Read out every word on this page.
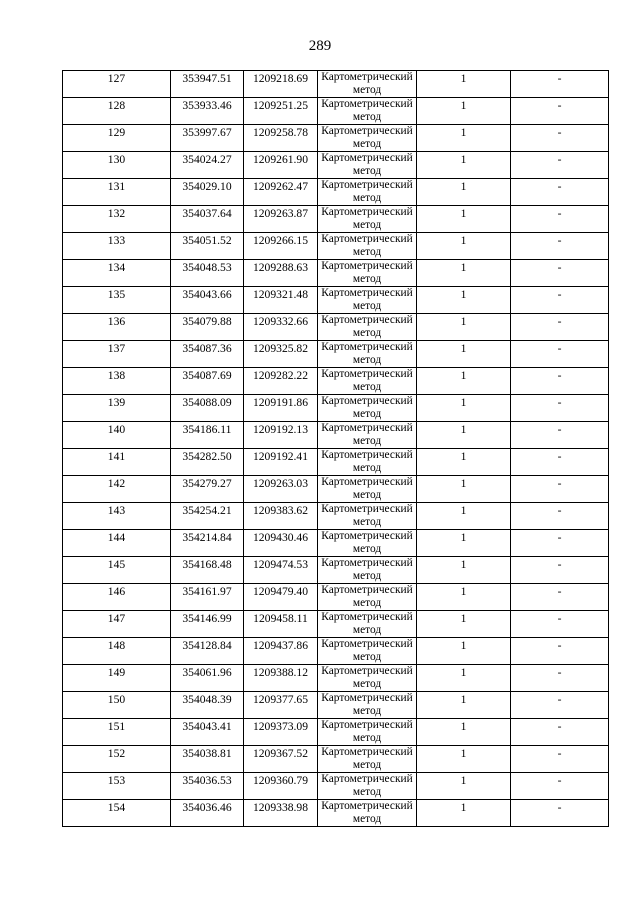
289
127	353947.51	1209218.69	Картометрический метод	1	-

128	353933.46	1209251.25	Картометрический метод	1	-

129	353997.67	1209258.78	Картометрический метод	1	-

130	354024.27	1209261.90	Картометрический метод	1	-

131	354029.10	1209262.47	Картометрический метод	1	-

132	354037.64	1209263.87	Картометрический метод	1	-

133	354051.52	1209266.15	Картометрический метод	1	-

134	354048.53	1209288.63	Картометрический метод	1	-

135	354043.66	1209321.48	Картометрический метод	1	-

136	354079.88	1209332.66	Картометрический метод	1	-

137	354087.36	1209325.82	Картометрический метод	1	-

138	354087.69	1209282.22	Картометрический метод	1	-

139	354088.09	1209191.86	Картометрический метод	1	-

140	354186.11	1209192.13	Картометрический метод	1	-

141	354282.50	1209192.41	Картометрический метод	1	-

142	354279.27	1209263.03	Картометрический метод	1	-

143	354254.21	1209383.62	Картометрический метод	1	-

144	354214.84	1209430.46	Картометрический метод	1	-

145	354168.48	1209474.53	Картометрический метод	1	-

146	354161.97	1209479.40	Картометрический метод	1	-

147	354146.99	1209458.11	Картометрический метод	1	-

148	354128.84	1209437.86	Картометрический метод	1	-

149	354061.96	1209388.12	Картометрический метод	1	-

150	354048.39	1209377.65	Картометрический метод	1	-

151	354043.41	1209373.09	Картометрический метод	1	-

152	354038.81	1209367.52	Картометрический метод	1	-

153	354036.53	1209360.79	Картометрический метод	1	-

154	354036.46	1209338.98	Картометрический метод	1	-
